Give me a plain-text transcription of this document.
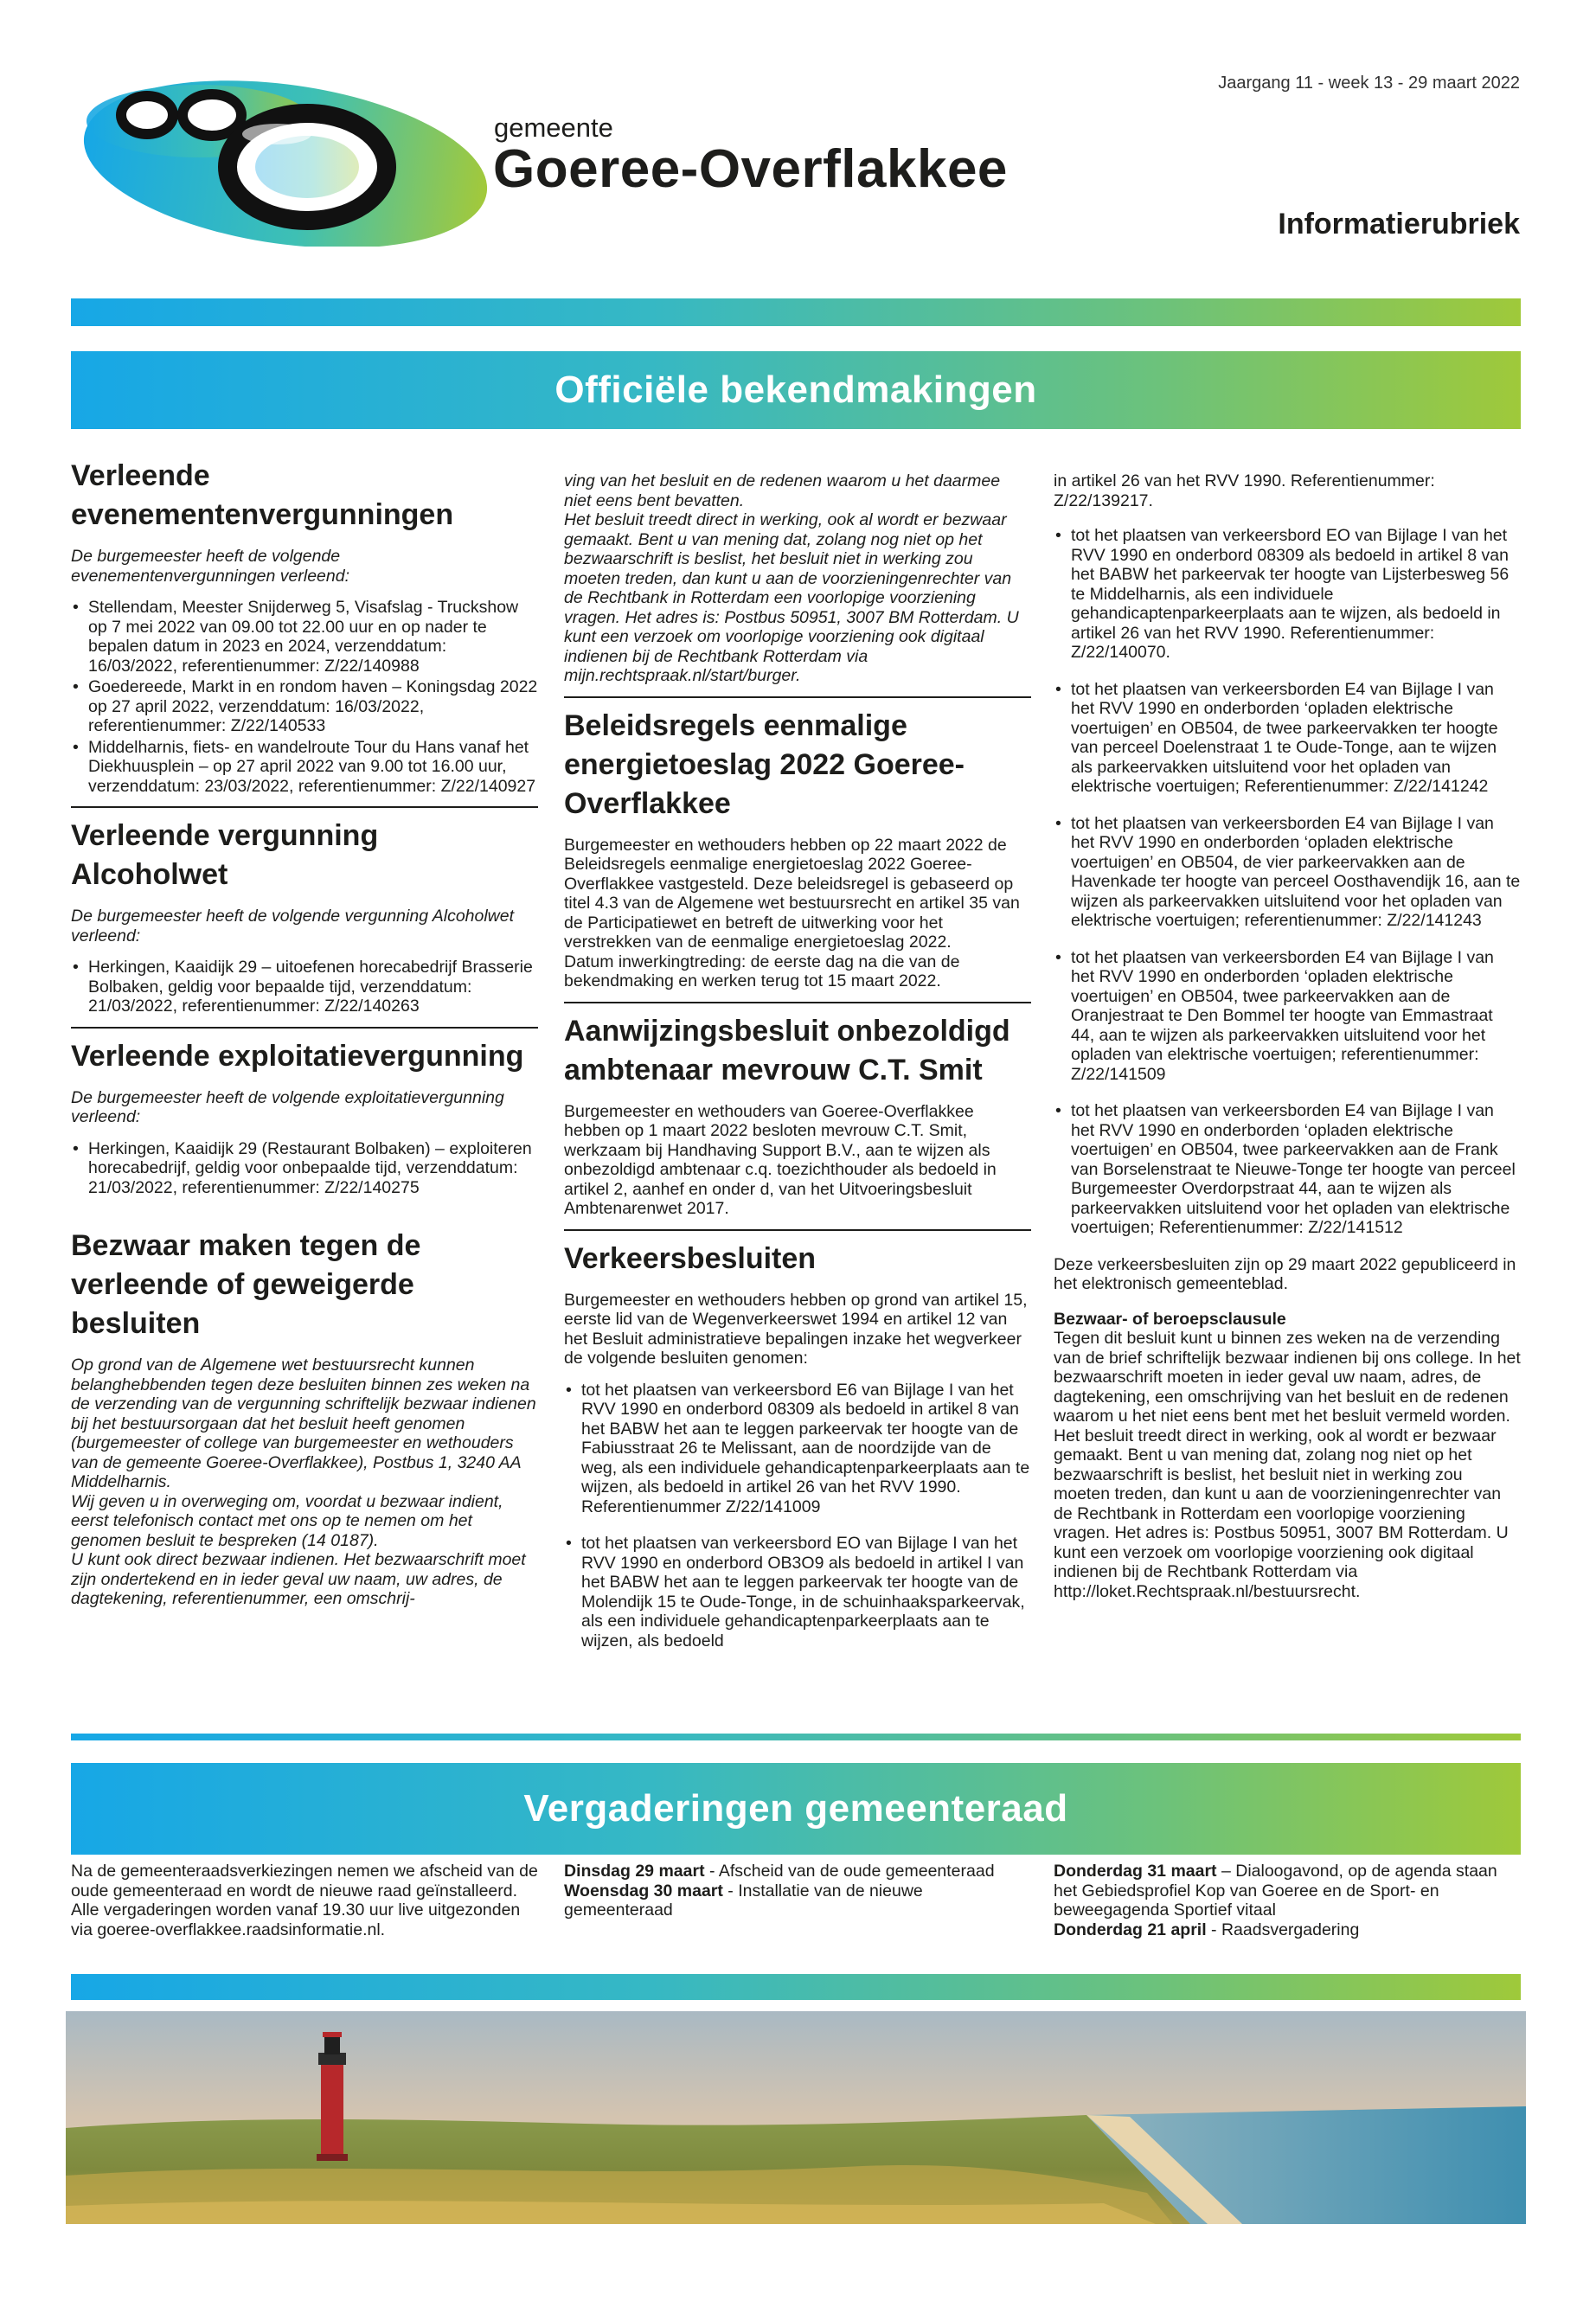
gemeente
Goeree-Overflakkee
Jaargang 11 - week 13 - 29 maart 2022
Informatierubriek
Officiële bekendmakingen
Verleende evenementenvergunningen

De burgemeester heeft de volgende evenementenvergunningen verleend:

• Stellendam, Meester Snijderweg 5, Visafslag - Truckshow op 7 mei 2022 van 09.00 tot 22.00 uur en op nader te bepalen datum in 2023 en 2024, verzenddatum: 16/03/2022, referentienummer: Z/22/140988
• Goedereede, Markt in en rondom haven – Koningsdag 2022 op 27 april 2022, verzenddatum: 16/03/2022, referentienummer: Z/22/140533
• Middelharnis, fiets- en wandelroute Tour du Hans vanaf het Diekhuusplein – op 27 april 2022 van 9.00 tot 16.00 uur, verzenddatum: 23/03/2022, referentienummer: Z/22/140927
Verleende vergunning Alcoholwet

De burgemeester heeft de volgende vergunning Alcoholwet verleend:

• Herkingen, Kaaidijk 29 – uitoefenen horecabedrijf Brasserie Bolbaken, geldig voor bepaalde tijd, verzenddatum: 21/03/2022, referentienummer: Z/22/140263
Verleende exploitatievergunning

De burgemeester heeft de volgende exploitatievergunning verleend:

• Herkingen, Kaaidijk 29 (Restaurant Bolbaken) – exploiteren horecabedrijf, geldig voor onbepaalde tijd, verzenddatum: 21/03/2022, referentienummer: Z/22/140275
Bezwaar maken tegen de verleende of geweigerde besluiten

Op grond van de Algemene wet bestuursrecht kunnen belanghebbenden tegen deze besluiten binnen zes weken na de verzending van de vergunning schriftelijk bezwaar indienen bij het bestuursorgaan dat het besluit heeft genomen (burgemeester of college van burgemeester en wethouders van de gemeente Goeree-Overflakkee), Postbus 1, 3240 AA Middelharnis.

Wij geven u in overweging om, voordat u bezwaar indient, eerst telefonisch contact met ons op te nemen om het genomen besluit te bespreken (14 0187).

U kunt ook direct bezwaar indienen. Het bezwaarschrift moet zijn ondertekend en in ieder geval uw naam, uw adres, de dagtekening, referentienummer, een omschrij-

ving van het besluit en de redenen waarom u het daarmee niet eens bent bevatten.

Het besluit treedt direct in werking, ook al wordt er bezwaar gemaakt. Bent u van mening dat, zolang nog niet op het bezwaarschrift is beslist, het besluit niet in werking zou moeten treden, dan kunt u aan de voorzieningenrechter van de Rechtbank in Rotterdam een voorlopige voorziening vragen. Het adres is: Postbus 50951, 3007 BM Rotterdam. U kunt een verzoek om voorlopige voorziening ook digitaal indienen bij de Rechtbank Rotterdam via mijn.rechtspraak.nl/start/burger.

Beleidsregels eenmalige energietoeslag 2022 Goeree-Overflakkee

Burgemeester en wethouders hebben op 22 maart 2022 de Beleidsregels eenmalige energietoeslag 2022 Goeree-Overflakkee vastgesteld. Deze beleidsregel is gebaseerd op titel 4.3 van de Algemene wet bestuursrecht en artikel 35 van de Participatiewet en betreft de uitwerking voor het verstrekken van de eenmalige energietoeslag 2022.

Datum inwerkingtreding: de eerste dag na die van de bekendmaking en werken terug tot 15 maart 2022.

Aanwijzingsbesluit onbezoldigd ambtenaar mevrouw C.T. Smit

Burgemeester en wethouders van Goeree-Overflakkee hebben op 1 maart 2022 besloten mevrouw C.T. Smit, werkzaam bij Handhaving Support B.V., aan te wijzen als onbezoldigd ambtenaar c.q. toezichthouder als bedoeld in artikel 2, aanhef en onder d, van het Uitvoeringsbesluit Ambtenarenwet 2017.

Verkeersbesluiten

Burgemeester en wethouders hebben op grond van artikel 15, eerste lid van de Wegenverkeerswet 1994 en artikel 12 van het Besluit administratieve bepalingen inzake het wegverkeer de volgende besluiten genomen:

• tot het plaatsen van verkeersbord E6 van Bijlage I van het RVV 1990 en onderbord 08309 als bedoeld in artikel 8 van het BABW het aan te leggen parkeervak ter hoogte van de Fabiusstraat 26 te Melissant, aan de noordzijde van de weg, als een individuele gehandicaptenparkeerplaats aan te wijzen, als bedoeld in artikel 26 van het RVV 1990. Referentienummer Z/22/141009
• tot het plaatsen van verkeersbord EO van Bijlage I van het RVV 1990 en onderbord OB3O9 als bedoeld in artikel I van het BABW het aan te leggen parkeervak ter hoogte van de Molendijk 15 te Oude-Tonge, in de schuinhaaksparkeervak, als een individuele gehandicaptenparkeerplaats aan te wijzen, als bedoeld

in artikel 26 van het RVV 1990. Referentienummer: Z/22/139217.

• tot het plaatsen van verkeersbord EO van Bijlage I van het RVV 1990 en onderbord 08309 als bedoeld in artikel 8 van het BABW het parkeervak ter hoogte van Lijsterbesweg 56 te Middelharnis, als een individuele gehandicaptenparkeerplaats aan te wijzen, als bedoeld in artikel 26 van het RVV 1990. Referentienummer: Z/22/140070.
• tot het plaatsen van verkeersborden E4 van Bijlage I van het RVV 1990 en onderborden ‘opladen elektrische voertuigen’ en OB504, de twee parkeervakken ter hoogte van perceel Doelenstraat 1 te Oude-Tonge, aan te wijzen als parkeervakken uitsluitend voor het opladen van elektrische voertuigen; Referentienummer: Z/22/141242
• tot het plaatsen van verkeersborden E4 van Bijlage I van het RVV 1990 en onderborden ‘opladen elektrische voertuigen’ en OB504, de vier parkeervakken aan de Havenkade ter hoogte van perceel Oosthavendijk 16, aan te wijzen als parkeervakken uitsluitend voor het opladen van elektrische voertuigen; referentienummer: Z/22/141243
• tot het plaatsen van verkeersborden E4 van Bijlage I van het RVV 1990 en onderborden ‘opladen elektrische voertuigen’ en OB504, twee parkeervakken aan de Oranjestraat te Den Bommel ter hoogte van Emmastraat 44, aan te wijzen als parkeervakken uitsluitend voor het opladen van elektrische voertuigen; referentienummer: Z/22/141509
• tot het plaatsen van verkeersborden E4 van Bijlage I van het RVV 1990 en onderborden ‘opladen elektrische voertuigen’ en OB504, twee parkeervakken aan de Frank van Borselenstraat te Nieuwe-Tonge ter hoogte van perceel Burgemeester Overdorpstraat 44, aan te wijzen als parkeervakken uitsluitend voor het opladen van elektrische voertuigen; Referentienummer: Z/22/141512

Deze verkeersbesluiten zijn op 29 maart 2022 gepubliceerd in het elektronisch gemeenteblad.

Bezwaar- of beroepsclausule

Tegen dit besluit kunt u binnen zes weken na de verzending van de brief schriftelijk bezwaar indienen bij ons college. In het bezwaarschrift moeten in ieder geval uw naam, adres, de dagtekening, een omschrijving van het besluit en de redenen waarom u het niet eens bent met het besluit vermeld worden. Het besluit treedt direct in werking, ook al wordt er bezwaar gemaakt. Bent u van mening dat, zolang nog niet op het bezwaarschrift is beslist, het besluit niet in werking zou moeten treden, dan kunt u aan de voorzieningenrechter van de Rechtbank in Rotterdam een voorlopige voorziening vragen. Het adres is: Postbus 50951, 3007 BM Rotterdam. U kunt een verzoek om voorlopige voorziening ook digitaal indienen bij de Rechtbank Rotterdam via http://loket.Rechtspraak.nl/bestuursrecht.

Vergaderingen gemeenteraad

Na de gemeenteraadsverkiezingen nemen we afscheid van de oude gemeenteraad en wordt de nieuwe raad geïnstalleerd. Alle vergaderingen worden vanaf 19.30 uur live uitgezonden via goeree-overflakkee.raadsinformatie.nl.

Dinsdag 29 maart - Afscheid van de oude gemeenteraad

Woensdag 30 maart - Installatie van de nieuwe gemeenteraad

Donderdag 31 maart – Dialoogavond, op de agenda staan het Gebiedsprofiel Kop van Goeree en de Sport- en beweegagenda Sportief vitaal

Donderdag 21 april - Raadsvergadering
